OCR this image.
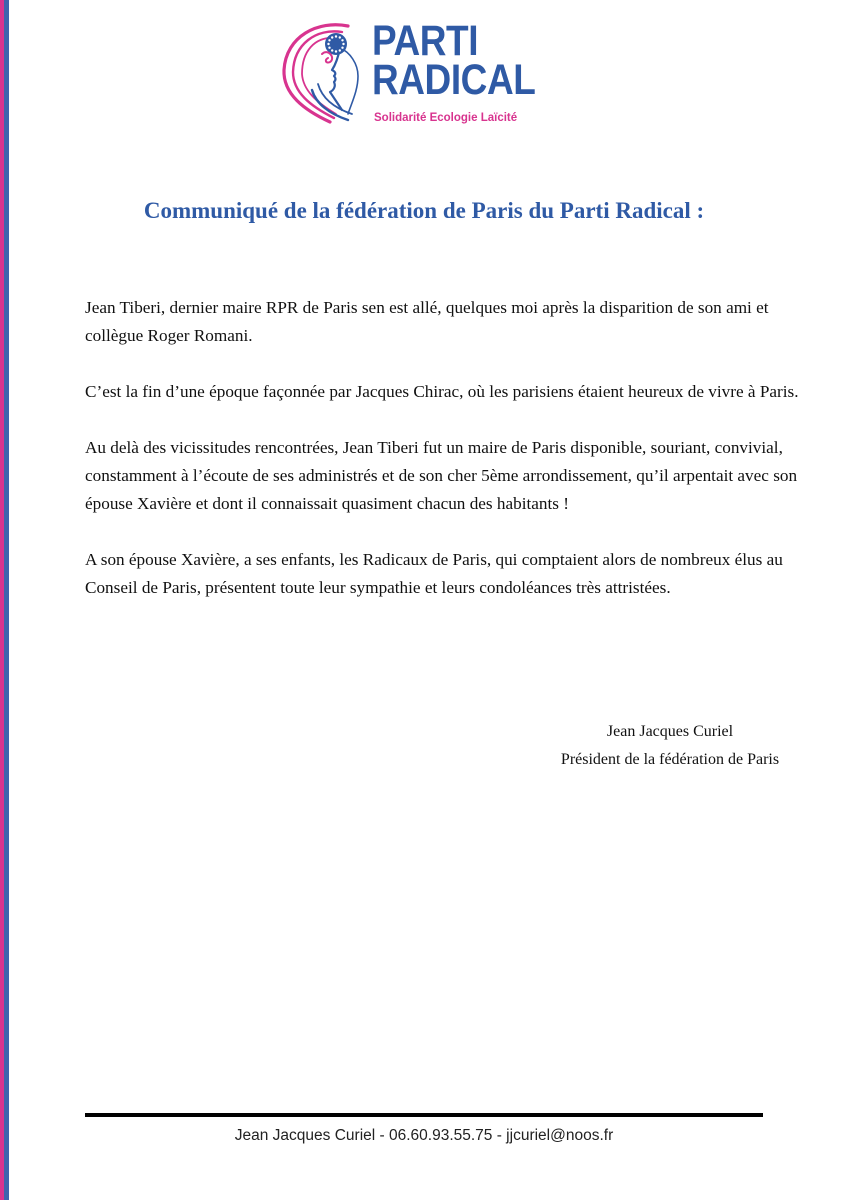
PARTI
RADICAL
Solidarité Ecologie Laïcité
Communiqué de la fédération de Paris du Parti Radical :

Jean Tiberi, dernier maire RPR de Paris sen est allé, quelques moi après la disparition de son ami et collègue Roger Romani.

C’est la fin d’une époque façonnée par Jacques Chirac, où les parisiens étaient heureux de vivre à Paris.

Au delà des vicissitudes rencontrées, Jean Tiberi fut un maire de Paris disponible, souriant, convivial, constamment à l’écoute de ses administrés et de son cher 5ème arrondissement, qu’il arpentait avec son épouse Xavière et dont il connaissait quasiment chacun des habitants !

A son épouse Xavière, a ses enfants, les Radicaux de Paris, qui comptaient alors de nombreux élus au Conseil de Paris, présentent toute leur sympathie et leurs condoléances très attristées.

Jean Jacques Curiel
Président de la fédération de Paris
Jean Jacques Curiel - 06.60.93.55.75 - jjcuriel@noos.fr
